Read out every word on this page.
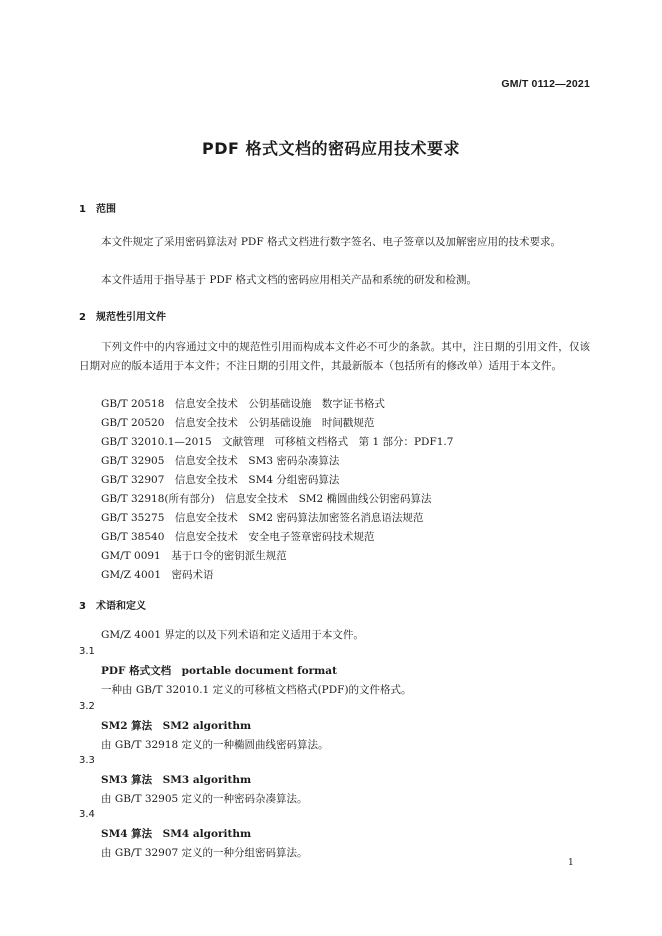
GM/T 0112—2021
PDF 格式文档的密码应用技术要求
1 范围

本文件规定了采用密码算法对 PDF 格式文档进行数字签名、电子签章以及加解密应用的技术要求。

本文件适用于指导基于 PDF 格式文档的密码应用相关产品和系统的研发和检测。

2 规范性引用文件

下列文件中的内容通过文中的规范性引用而构成本文件必不可少的条款。其中，注日期的引用文件，仅该日期对应的版本适用于本文件；不注日期的引用文件，其最新版本（包括所有的修改单）适用于本文件。

GB/T 20518　信息安全技术　公钥基础设施　数字证书格式
GB/T 20520　信息安全技术　公钥基础设施　时间戳规范
GB/T 32010.1—2015　文献管理　可移植文档格式　第 1 部分：PDF1.7
GB/T 32905　信息安全技术　SM3 密码杂凑算法
GB/T 32907　信息安全技术　SM4 分组密码算法
GB/T 32918(所有部分)　信息安全技术　SM2 椭圆曲线公钥密码算法
GB/T 35275　信息安全技术　SM2 密码算法加密签名消息语法规范
GB/T 38540　信息安全技术　安全电子签章密码技术规范
GM/T 0091　基于口令的密钥派生规范
GM/Z 4001　密码术语
3 术语和定义

GM/Z 4001 界定的以及下列术语和定义适用于本文件。

3.1
PDF 格式文档　portable document format
一种由 GB/T 32010.1 定义的可移植文档格式(PDF)的文件格式。
3.2
SM2 算法　SM2 algorithm
由 GB/T 32918 定义的一种椭圆曲线密码算法。
3.3
SM3 算法　SM3 algorithm
由 GB/T 32905 定义的一种密码杂凑算法。
3.4
SM4 算法　SM4 algorithm
由 GB/T 32907 定义的一种分组密码算法。
1
